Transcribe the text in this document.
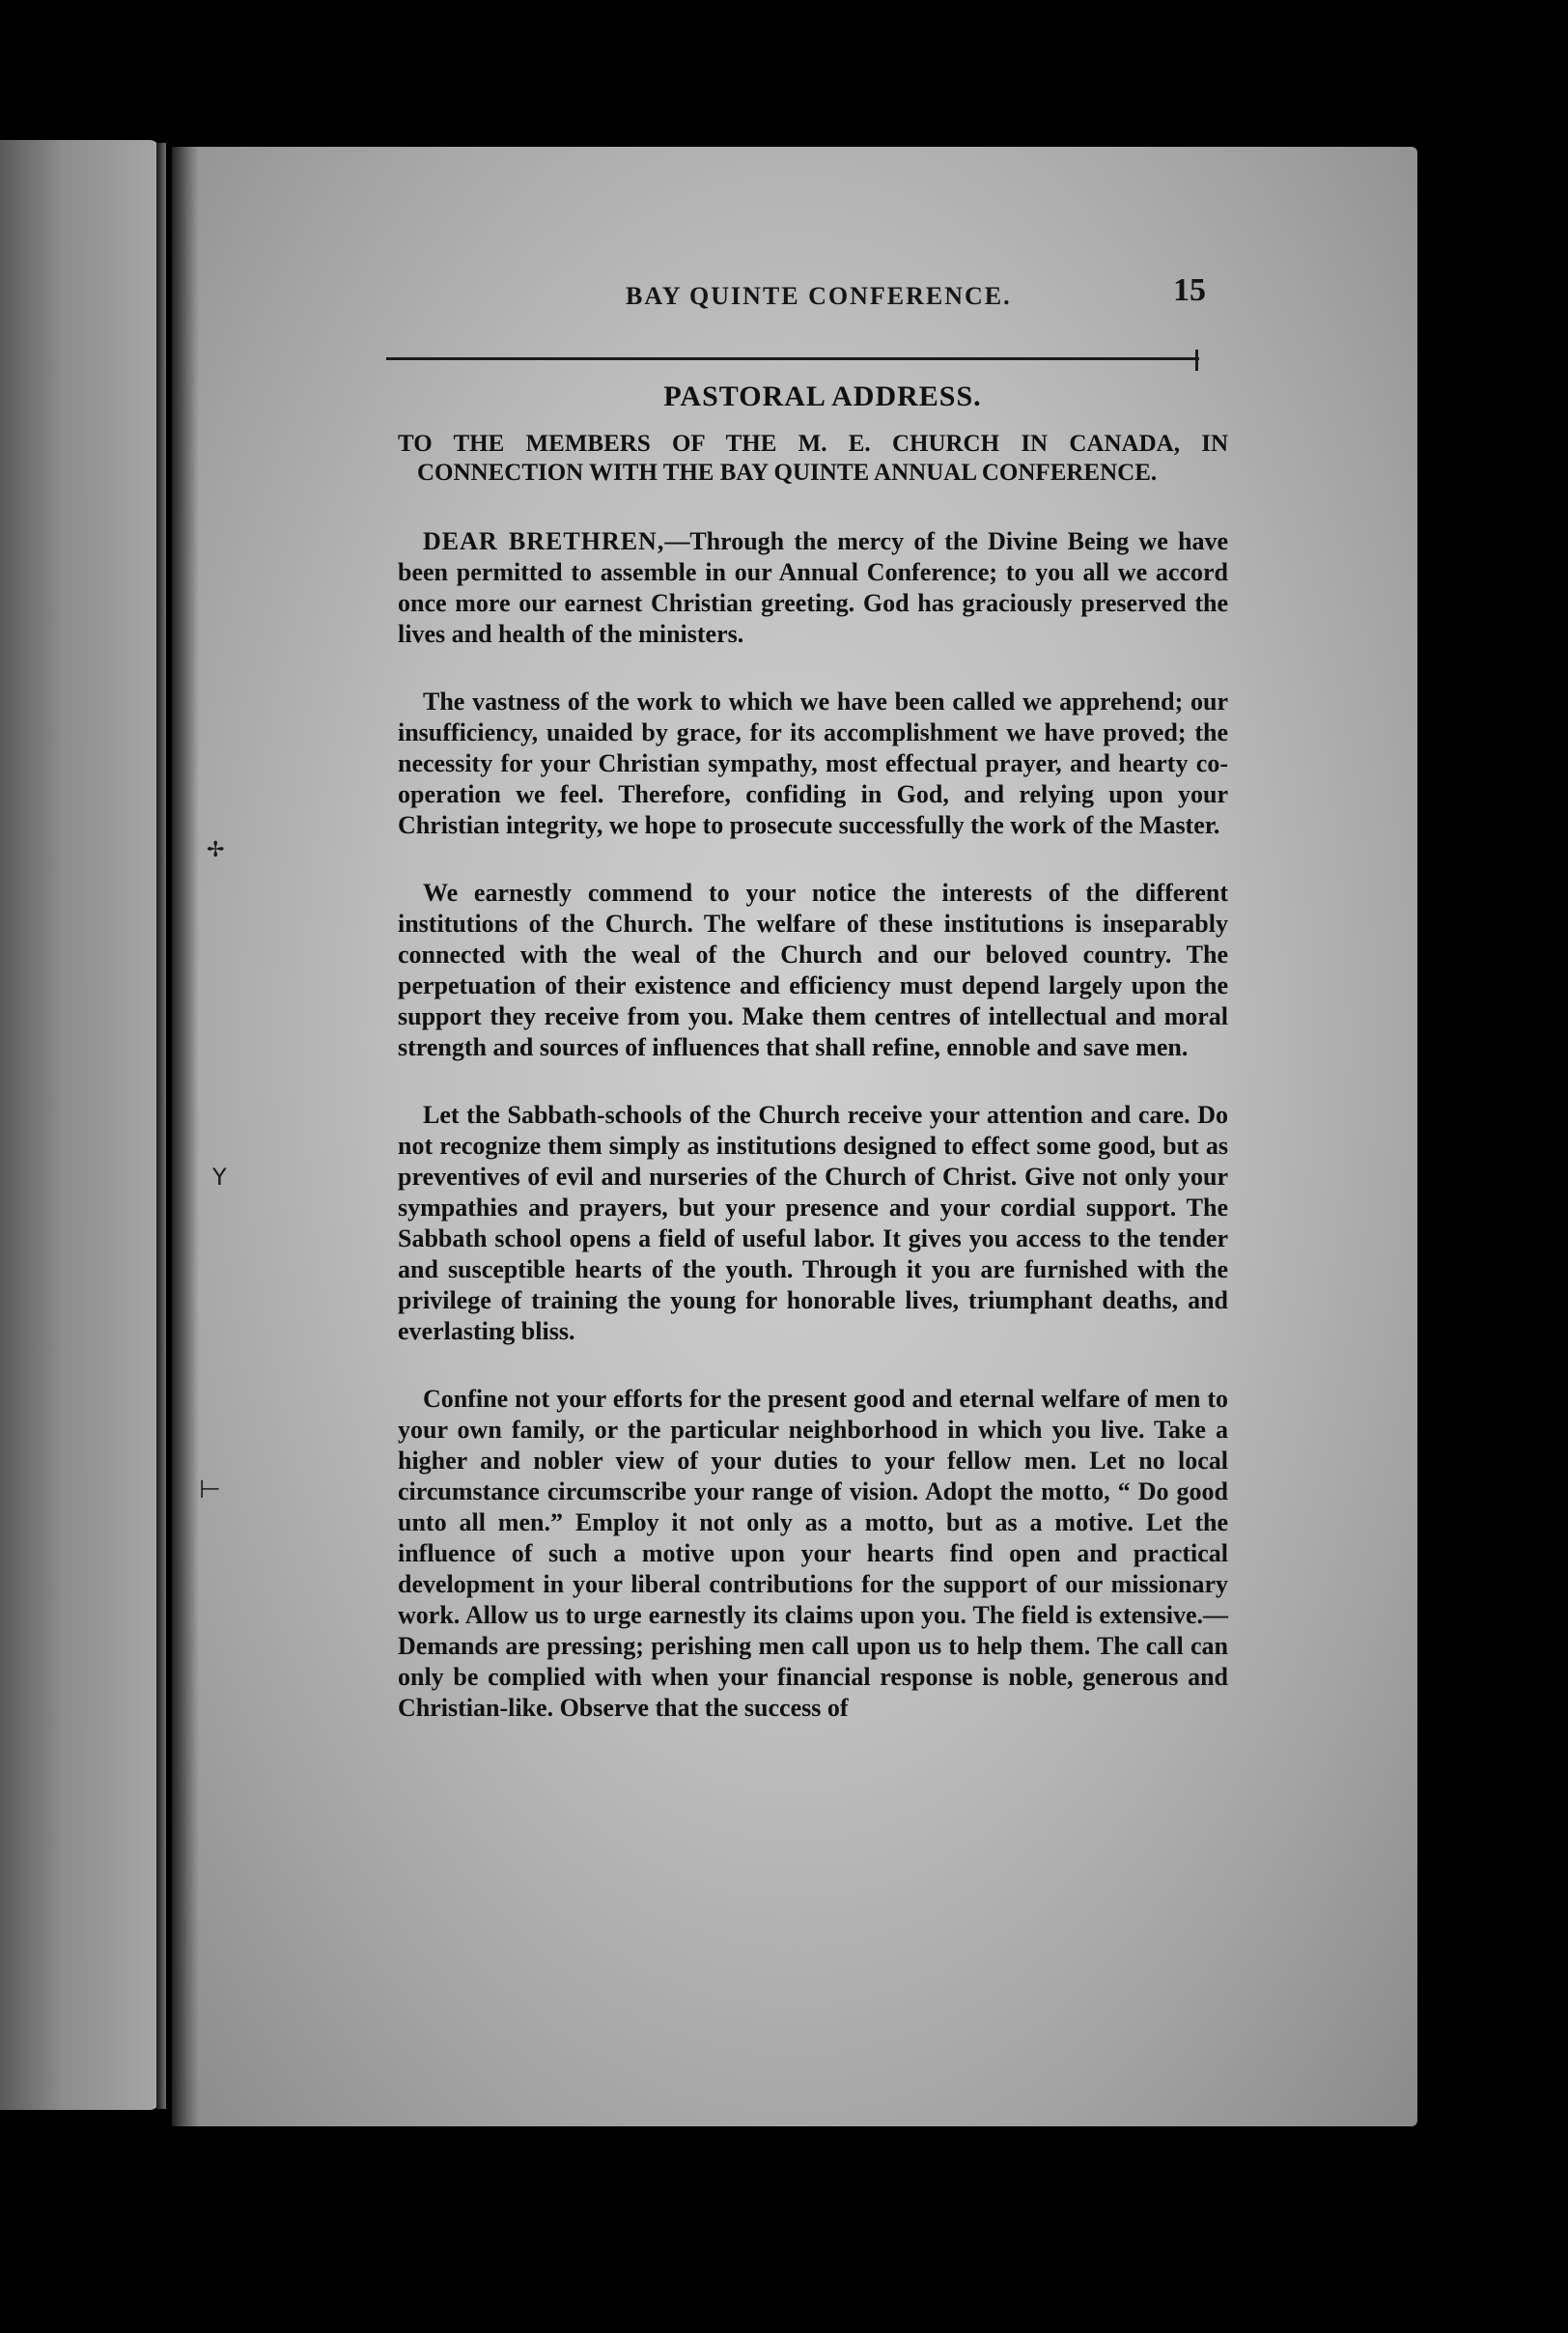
BAY QUINTE CONFERENCE.	15
✢
Y
⊢
PASTORAL ADDRESS.
TO THE MEMBERS OF THE M. E. CHURCH IN CANADA, IN CONNECTION WITH THE BAY QUINTE ANNUAL CONFERENCE.

DEAR BRETHREN,—Through the mercy of the Divine Being we have been permitted to assemble in our Annual Conference; to you all we accord once more our earnest Christian greeting. God has graciously preserved the lives and health of the ministers.

The vastness of the work to which we have been called we apprehend; our insufficiency, unaided by grace, for its accomplishment we have proved; the necessity for your Christian sympathy, most effectual prayer, and hearty co-operation we feel. Therefore, confiding in God, and relying upon your Christian integrity, we hope to prosecute successfully the work of the Master.

We earnestly commend to your notice the interests of the different institutions of the Church. The welfare of these institutions is inseparably connected with the weal of the Church and our beloved country. The perpetuation of their existence and efficiency must depend largely upon the support they receive from you. Make them centres of intellectual and moral strength and sources of influences that shall refine, ennoble and save men.

Let the Sabbath-schools of the Church receive your attention and care. Do not recognize them simply as institutions designed to effect some good, but as preventives of evil and nurseries of the Church of Christ. Give not only your sympathies and prayers, but your presence and your cordial support. The Sabbath school opens a field of useful labor. It gives you access to the tender and susceptible hearts of the youth. Through it you are furnished with the privilege of training the young for honorable lives, triumphant deaths, and everlasting bliss.

Confine not your efforts for the present good and eternal welfare of men to your own family, or the particular neighborhood in which you live. Take a higher and nobler view of your duties to your fellow men. Let no local circumstance circumscribe your range of vision. Adopt the motto, “ Do good unto all men.” Employ it not only as a motto, but as a motive. Let the influence of such a motive upon your hearts find open and practical development in your liberal contributions for the support of our missionary work. Allow us to urge earnestly its claims upon you. The field is extensive.— Demands are pressing; perishing men call upon us to help them. The call can only be complied with when your financial response is noble, generous and Christian-like. Observe that the success of
